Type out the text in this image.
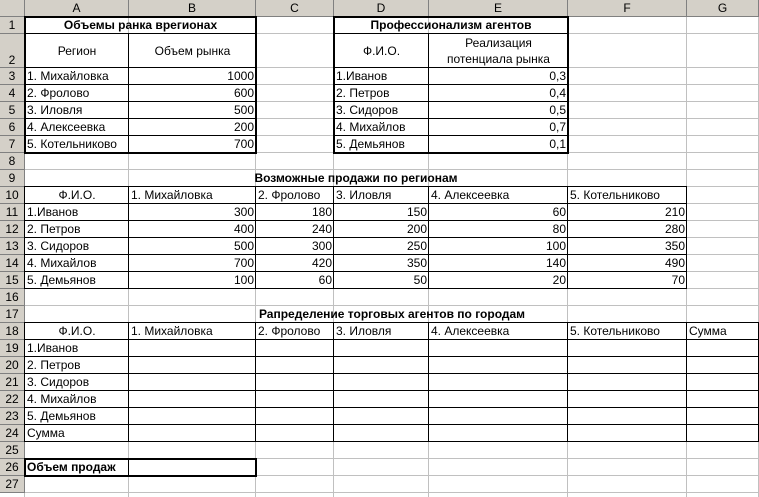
A	B	C	D	E	F	G
1
2
3
4
5
6
7
8
9
10
11
12
13
14
15
16
17
18
19
20
21
22
23
24
25
26
27
Объемы ранка врегионах
Регион	Объем рынка
1. Михайловка	1000
2. Фролово	600
3. Иловля	500
4. Алексеевка	200
5. Котельниково	700
Профессионализм агентов
Ф.И.О.
Реализация
потенциала рынка
1.Иванов	0,3
2. Петров	0,4
3. Сидоров	0,5
4. Михайлов	0,7
5. Демьянов	0,1
Возможные продажи по регионам
Ф.И.О.	1. Михайловка	2. Фролово	3. Иловля	4. Алексеевка	5. Котельниково
1.Иванов	300	180	150	60	210
2. Петров	400	240	200	80	280
3. Сидоров	500	300	250	100	350
4. Михайлов	700	420	350	140	490
5. Демьянов	100	60	50	20	70
Рапределение торговых агентов по городам
Ф.И.О.	1. Михайловка	2. Фролово	3. Иловля	4. Алексеевка	5. Котельниково	Сумма
1.Иванов
2. Петров
3. Сидоров
4. Михайлов
5. Демьянов
Сумма
Объем продаж
